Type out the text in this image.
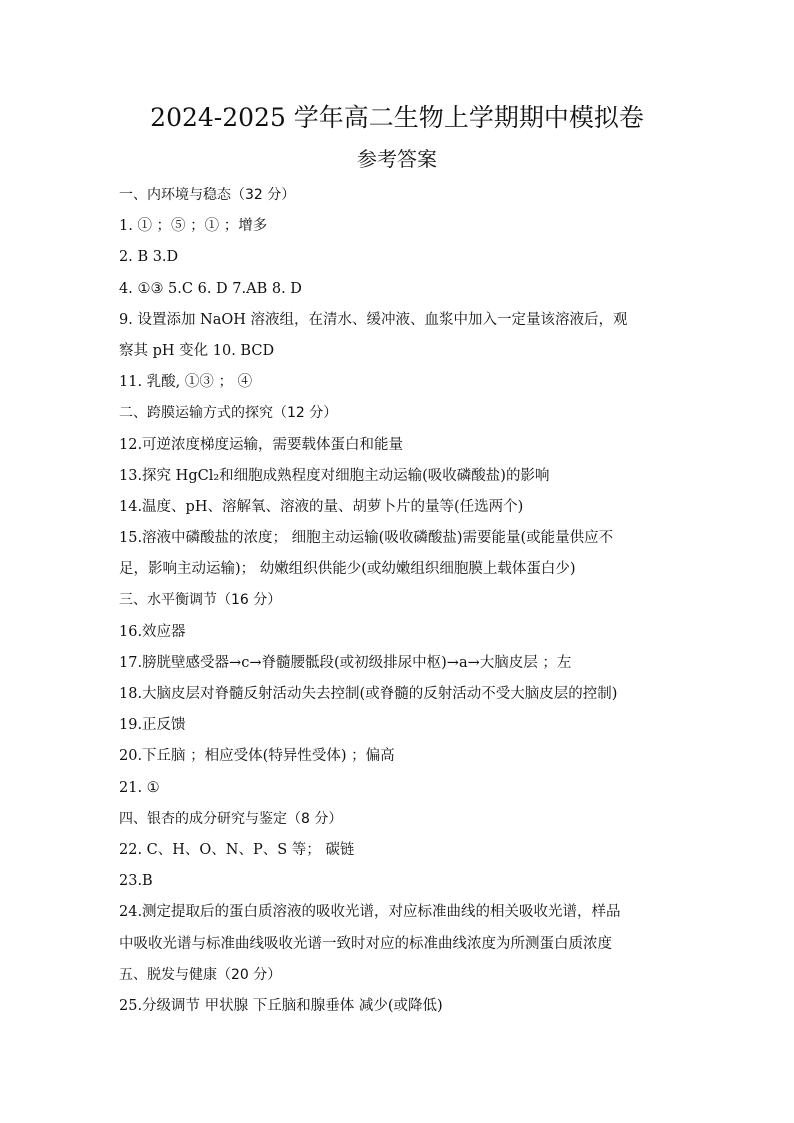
2024-2025 学年高二生物上学期期中模拟卷
参考答案
一、内环境与稳态（32 分）
1. ① ；⑤ ；① ；增多
2. B 3.D
4. ①③ 5.C 6. D 7.AB 8. D
9. 设置添加 NaOH 溶液组，在清水、缓冲液、血浆中加入一定量该溶液后，观
察其 pH 变化 10. BCD
11. 乳酸, ①③ ； ④
二、跨膜运输方式的探究（12 分）
12.可逆浓度梯度运输，需要载体蛋白和能量
13.探究 HgCl₂和细胞成熟程度对细胞主动运输(吸收磷酸盐)的影响
14.温度、pH、溶解氧、溶液的量、胡萝卜片的量等(任选两个)
15.溶液中磷酸盐的浓度； 细胞主动运输(吸收磷酸盐)需要能量(或能量供应不
足，影响主动运输)； 幼嫩组织供能少(或幼嫩组织细胞膜上载体蛋白少)
三、水平衡调节（16 分）
16.效应器
17.膀胱壁感受器→c→脊髓腰骶段(或初级排尿中枢)→a→大脑皮层 ；左
18.大脑皮层对脊髓反射活动失去控制(或脊髓的反射活动不受大脑皮层的控制)
19.正反馈
20.下丘脑 ；相应受体(特异性受体) ；偏高
21. ①
四、银杏的成分研究与鉴定（8 分）
22. C、H、O、N、P、S 等； 碳链
23.B
24.测定提取后的蛋白质溶液的吸收光谱，对应标准曲线的相关吸收光谱，样品
中吸收光谱与标准曲线吸收光谱一致时对应的标准曲线浓度为所测蛋白质浓度
五、脱发与健康（20 分）
25.分级调节 甲状腺 下丘脑和腺垂体 减少(或降低)
